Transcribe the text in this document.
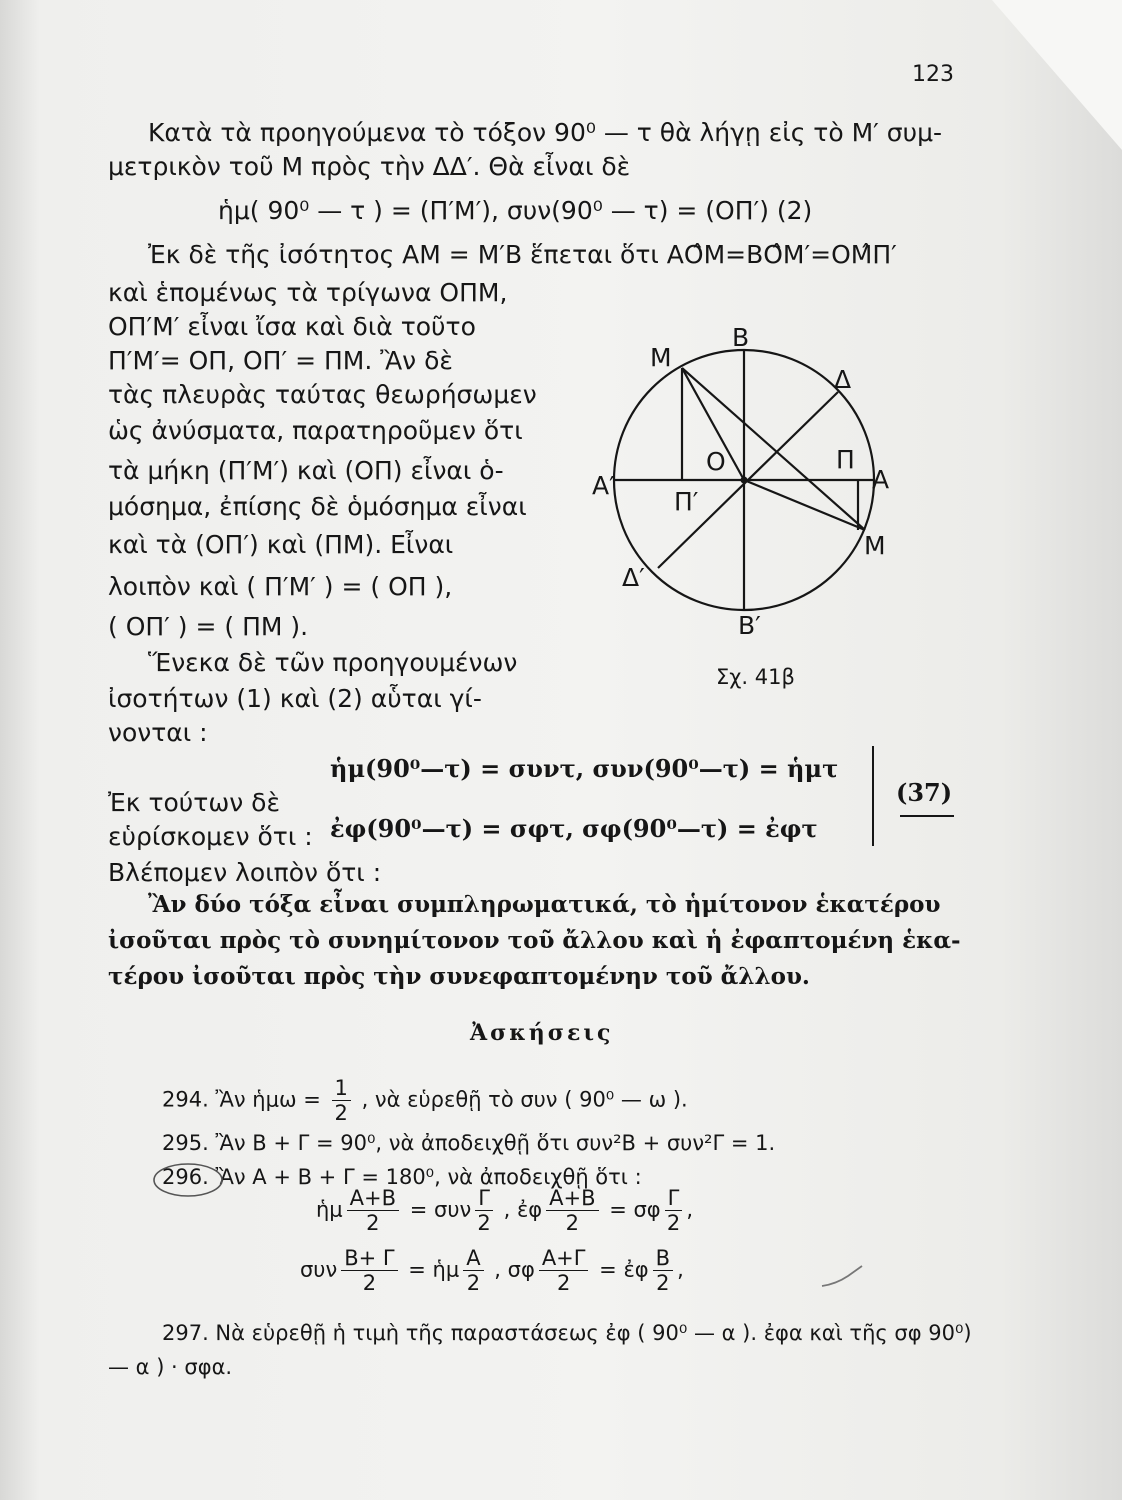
123
Κατὰ τὰ προηγούμενα τὸ τόξον 90⁰ — τ θὰ λήγῃ εἰς τὸ Μ′ συμ-
μετρικὸν τοῦ Μ πρὸς τὴν ΔΔ′. Θὰ εἶναι δὲ
ἡμ( 90⁰ — τ ) = (Π′Μ′), συν(90⁰ — τ) = (ΟΠ′) (2)
Ἐκ δὲ τῆς ἰσότητος ΑΜ = Μ′Β ἕπεται ὅτι ΑΟ̂Μ=ΒΟ̂Μ′=ΟΜ̂Π′
καὶ ἑπομένως τὰ τρίγωνα ΟΠΜ,
ΟΠ′Μ′ εἶναι ἴσα καὶ διὰ τοῦτο
Π′Μ′= ΟΠ, ΟΠ′ = ΠΜ. Ἂν δὲ
τὰς πλευρὰς ταύτας θεωρήσωμεν
ὡς ἀνύσματα, παρατηροῦμεν ὅτι
τὰ μήκη (Π′Μ′) καὶ (ΟΠ) εἶναι ὁ-
μόσημα, ἐπίσης δὲ ὁμόσημα εἶναι
καὶ τὰ (ΟΠ′) καὶ (ΠΜ). Εἶναι
λοιπὸν καὶ ( Π′Μ′ ) = ( ΟΠ ),
( ΟΠ′ ) = ( ΠΜ ).
Ἕνεκα δὲ τῶν προηγουμένων
ἰσοτήτων (1) καὶ (2) αὗται γί-
νονται :
Β
Μ
Δ
Ο	Π
Α
Α′
Π′
Μ
Δ′
Β′
Σχ. 41β
ἡμ(90⁰—τ) = συντ, συν(90⁰—τ) = ἡμτ
Ἐκ τούτων δὲ
εὑρίσκομεν ὅτι : ἐφ(90⁰—τ) = σφτ, σφ(90⁰—τ) = ἐφτ
(37)
Βλέπομεν λοιπὸν ὅτι :
Ἂν δύο τόξα εἶναι συμπληρωματικά, τὸ ἡμίτονον ἑκατέρου
ἰσοῦται πρὸς τὸ συνημίτονον τοῦ ἄλλου καὶ ἡ ἐφαπτομένη ἑκα-
τέρου ἰσοῦται πρὸς τὴν συνεφαπτομένην τοῦ ἄλλου.
Ἀσκήσεις
294. Ἂν ἡμω = $\frac{1}{2}$ , νὰ εὑρεθῇ τὸ συν ( 90⁰ — ω ).
295. Ἂν Β + Γ = 90⁰, νὰ ἀποδειχθῇ ὅτι συν²Β + συν²Γ = 1.
296. Ἂν Α + Β + Γ = 180⁰, νὰ ἀποδειχθῇ ὅτι :
ἡμ $\frac{A+B}{2} = \sigma\upsilon\nu \frac{\Gamma}{2}$ , ἐφ $\frac{A+B}{2} = \sigma\varphi \frac{\Gamma}{2}$ ,
συν $\frac{B+ \Gamma}{2}$ = ἡμ $\frac{A}{2}$ , σφ $\frac{A+\Gamma}{2}$ = ἐφ $\frac{B}{2}$ ,
297. Νὰ εὑρεθῇ ἡ τιμὴ τῆς παραστάσεως ἐφ ( 90⁰ — α ). ἐφα καὶ τῆς σφ 90⁰)
— α ) · σφα.
